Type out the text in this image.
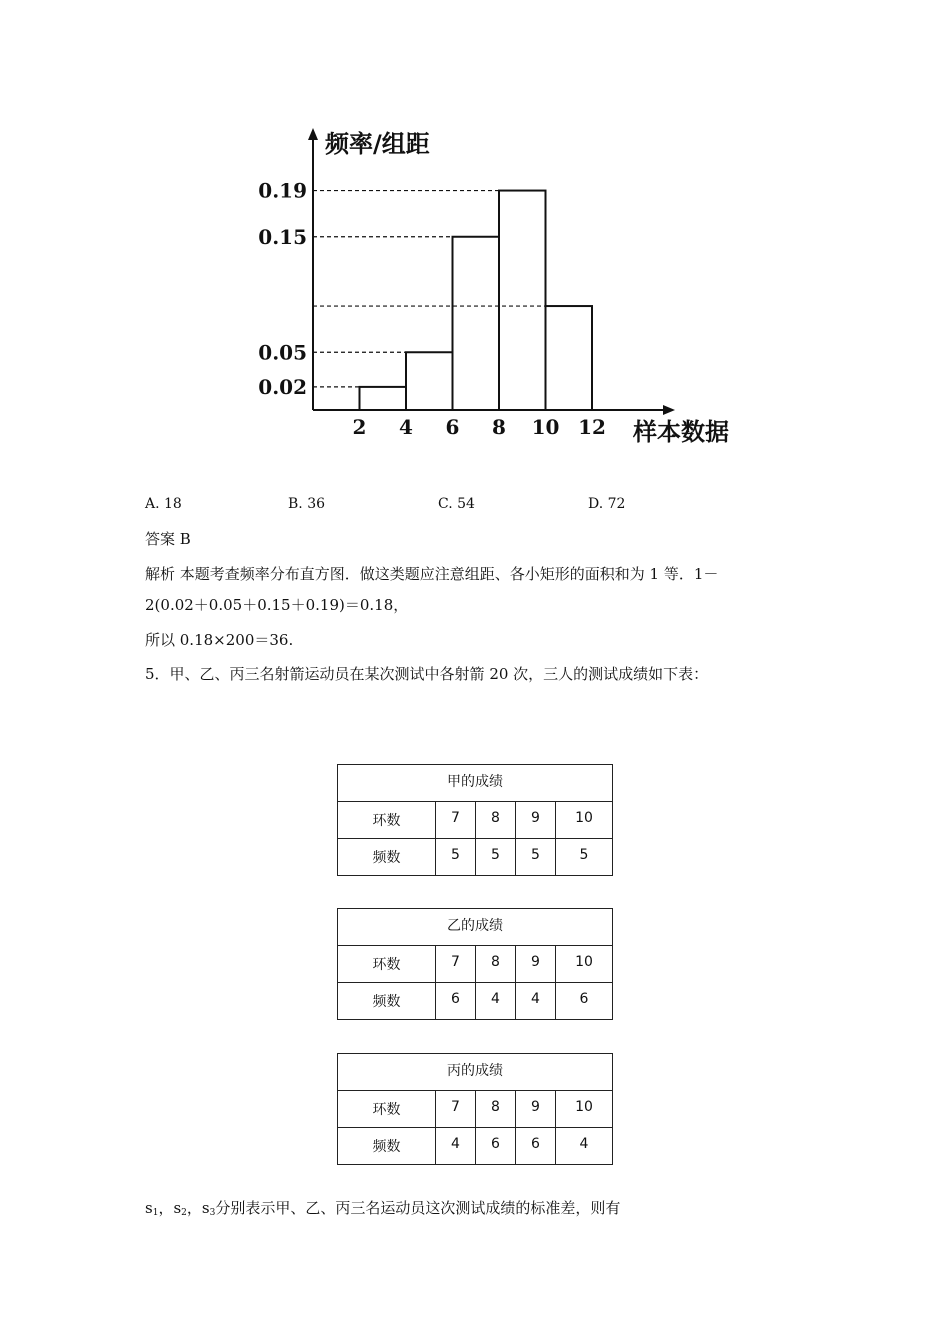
0.19
0.15
0.05
0.02
2 4 6 8 10 12
频率/组距
样本数据
A. 18	B. 36	C. 54	D. 72
答案 B
解析 本题考查频率分布直方图．做这类题应注意组距、各小矩形的面积和为 1 等．1－
2(0.02＋0.05＋0.15＋0.19)＝0.18，
所以 0.18×200＝36.
5．甲、乙、丙三名射箭运动员在某次测试中各射箭 20 次，三人的测试成绩如下表：
甲的成绩				
环数	7	8	9	10
频数	5	5	5	5
乙的成绩				
环数	7	8	9	10
频数	6	4	4	6
丙的成绩				
环数	7	8	9	10
频数	4	6	6	4
$s_1$，$s_2$，$s_3$分别表示甲、乙、丙三名运动员这次测试成绩的标准差，则有
